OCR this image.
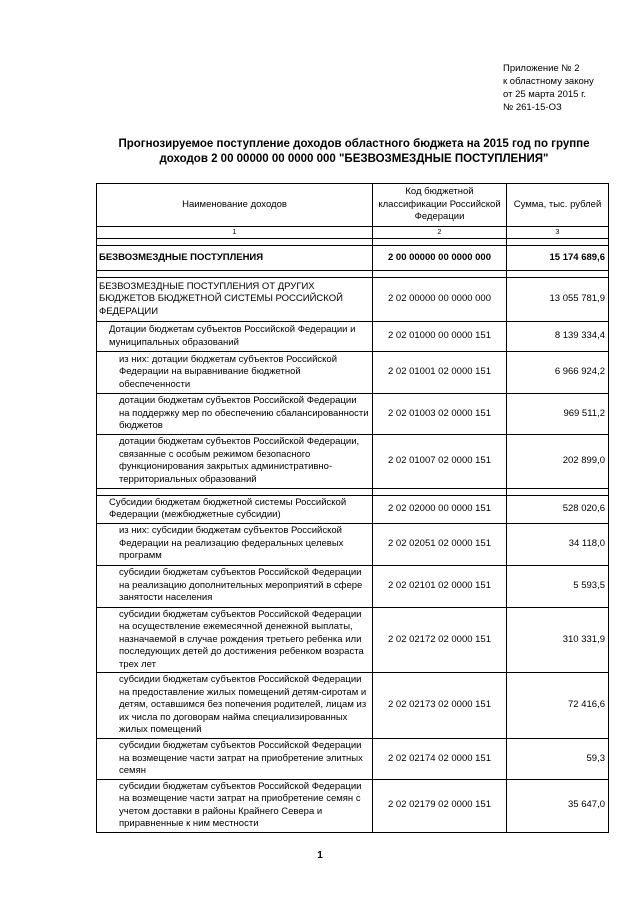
Приложение № 2
к областному закону
от 25 марта 2015 г.
№ 261-15-ОЗ
Прогнозируемое поступление доходов областного бюджета на 2015 год по группе
доходов 2 00 00000 00 0000 000 "БЕЗВОЗМЕЗДНЫЕ ПОСТУПЛЕНИЯ"
Наименование доходов	Код бюджетной классификации Российской Федерации	Сумма, тыс. рублей
1	2	3

БЕЗВОЗМЕЗДНЫЕ ПОСТУПЛЕНИЯ	2 00 00000 00 0000 000	15 174 689,6

БЕЗВОЗМЕЗДНЫЕ ПОСТУПЛЕНИЯ ОТ ДРУГИХ БЮДЖЕТОВ БЮДЖЕТНОЙ СИСТЕМЫ РОССИЙСКОЙ ФЕДЕРАЦИИ	2 02 00000 00 0000 000	13 055 781,9
Дотации бюджетам субъектов Российской Федерации и муниципальных образований	2 02 01000 00 0000 151	8 139 334,4
из них: дотации бюджетам субъектов Российской Федерации на выравнивание бюджетной обеспеченности	2 02 01001 02 0000 151	6 966 924,2
дотации бюджетам субъектов Российской Федерации на поддержку мер по обеспечению сбалансированности бюджетов	2 02 01003 02 0000 151	969 511,2
дотации бюджетам субъектов Российской Федерации, связанные с особым режимом безопасного функционирования закрытых административно-территориальных образований	2 02 01007 02 0000 151	202 899,0

Субсидии бюджетам бюджетной системы Российской Федерации (межбюджетные субсидии)	2 02 02000 00 0000 151	528 020,6
из них: субсидии бюджетам субъектов Российской Федерации на реализацию федеральных целевых программ	2 02 02051 02 0000 151	34 118,0
субсидии бюджетам субъектов Российской Федерации на реализацию дополнительных мероприятий в сфере занятости населения	2 02 02101 02 0000 151	5 593,5
субсидии бюджетам субъектов Российской Федерации на осуществление ежемесячной денежной выплаты, назначаемой в случае рождения третьего ребенка или последующих детей до достижения ребенком возраста трех лет	2 02 02172 02 0000 151	310 331,9
субсидии бюджетам субъектов Российской Федерации на предоставление жилых помещений детям-сиротам и детям, оставшимся без попечения родителей, лицам из их числа по договорам найма специализированных жилых помещений	2 02 02173 02 0000 151	72 416,6
субсидии бюджетам субъектов Российской Федерации на возмещение части затрат на приобретение элитных семян	2 02 02174 02 0000 151	59,3
субсидии бюджетам субъектов Российской Федерации на возмещение части затрат на приобретение семян с учетом доставки в районы Крайнего Севера и приравненные к ним местности	2 02 02179 02 0000 151	35 647,0
1
